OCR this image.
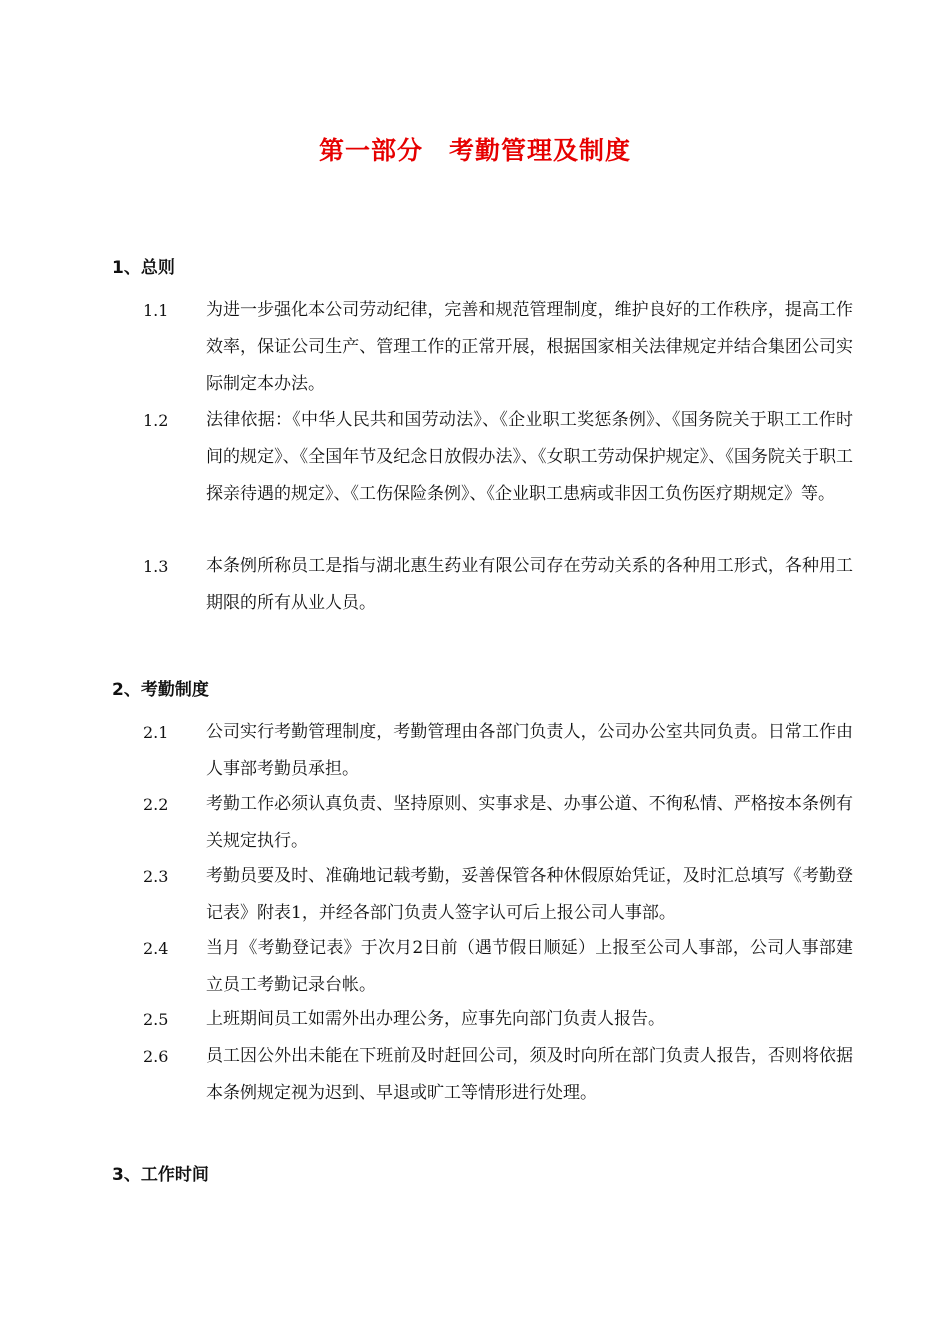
第一部分　考勤管理及制度
1、总则
1.1 为进一步强化本公司劳动纪律，完善和规范管理制度，维护良好的工作秩序，提高工作效率，保证公司生产、管理工作的正常开展，根据国家相关法律规定并结合集团公司实际制定本办法。
1.2 法律依据：《中华人民共和国劳动法》、《企业职工奖惩条例》、《国务院关于职工工作时间的规定》、《全国年节及纪念日放假办法》、《女职工劳动保护规定》、《国务院关于职工探亲待遇的规定》、《工伤保险条例》、《企业职工患病或非因工负伤医疗期规定》等。
1.3 本条例所称员工是指与湖北惠生药业有限公司存在劳动关系的各种用工形式，各种用工期限的所有从业人员。
2、考勤制度
2.1 公司实行考勤管理制度，考勤管理由各部门负责人，公司办公室共同负责。日常工作由人事部考勤员承担。
2.2 考勤工作必须认真负责、坚持原则、实事求是、办事公道、不徇私情、严格按本条例有关规定执行。
2.3 考勤员要及时、准确地记载考勤，妥善保管各种休假原始凭证，及时汇总填写《考勤登记表》附表1，并经各部门负责人签字认可后上报公司人事部。
2.4 当月《考勤登记表》于次月2日前（遇节假日顺延）上报至公司人事部，公司人事部建立员工考勤记录台帐。
2.5 上班期间员工如需外出办理公务，应事先向部门负责人报告。
2.6 员工因公外出未能在下班前及时赶回公司，须及时向所在部门负责人报告，否则将依据本条例规定视为迟到、早退或旷工等情形进行处理。
3、工作时间
